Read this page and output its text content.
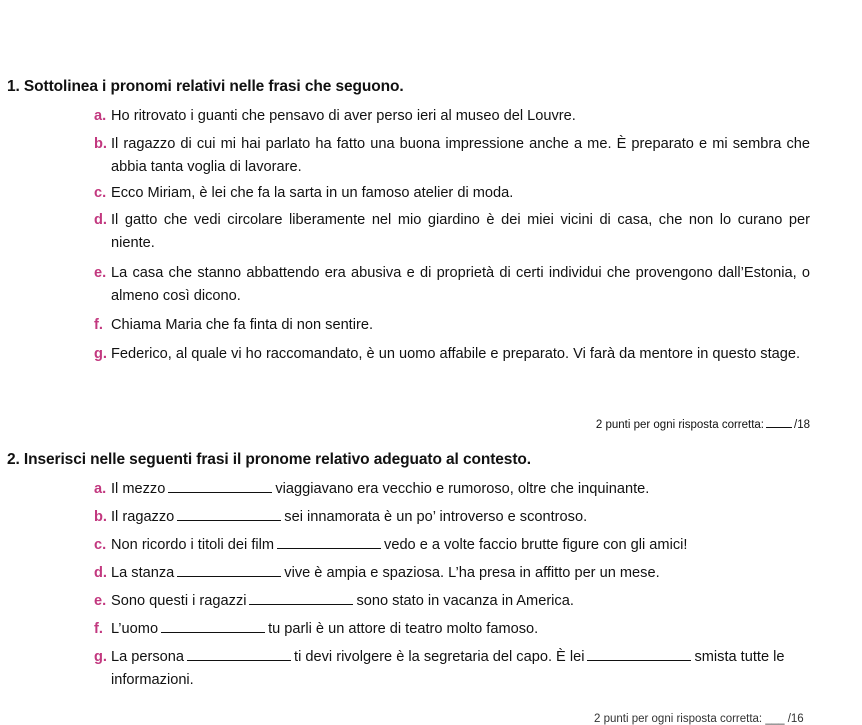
1. Sottolinea i pronomi relativi nelle frasi che seguono.
a. Ho ritrovato i guanti che pensavo di aver perso ieri al museo del Louvre.
b. Il ragazzo di cui mi hai parlato ha fatto una buona impressione anche a me. È preparato e mi sembra che abbia tanta voglia di lavorare.
c. Ecco Miriam, è lei che fa la sarta in un famoso atelier di moda.
d. Il gatto che vedi circolare liberamente nel mio giardino è dei miei vicini di casa, che non lo curano per niente.
e. La casa che stanno abbattendo era abusiva e di proprietà di certi individui che provengono dall’Estonia, o almeno così dicono.
f. Chiama Maria che fa finta di non sentire.
g. Federico, al quale vi ho raccomandato, è un uomo affabile e preparato. Vi farà da mentore in questo stage.
2 punti per ogni risposta corretta:	/18
2. Inserisci nelle seguenti frasi il pronome relativo adeguato al contesto.
a. Il mezzo	viaggiavano era vecchio e rumoroso, oltre che inquinante.
b. Il ragazzo	sei innamorata è un po’ introverso e scontroso.
c. Non ricordo i titoli dei film	vedo e a volte faccio brutte figure con gli amici!
d. La stanza	vive è ampia e spaziosa. L’ha presa in affitto per un mese.
e. Sono questi i ragazzi	sono stato in vacanza in America.
f. L’uomo	tu parli è un attore di teatro molto famoso.
g. La persona	ti devi rivolgere è la segretaria del capo. È lei	smista tutte le informazioni.
2 punti per ogni risposta corretta: ___ /16
